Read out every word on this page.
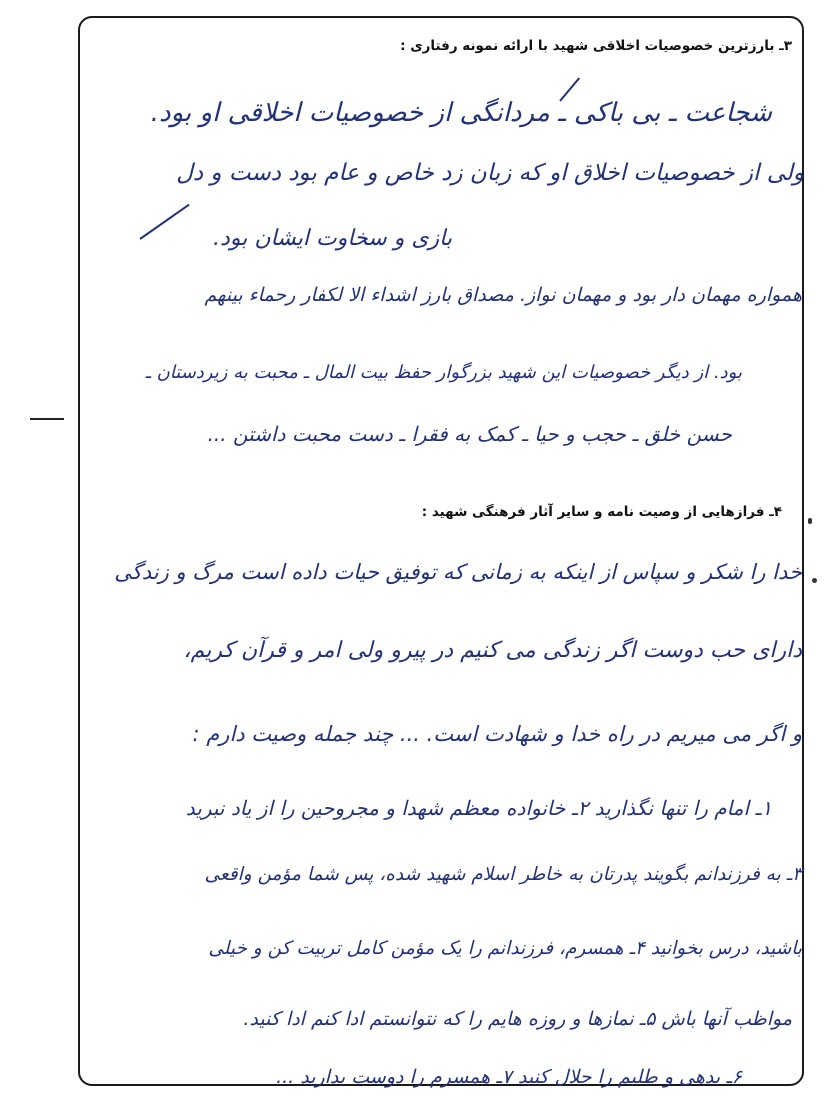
۳ـ بارزترین خصوصیات اخلاقی شهید با ارائه نمونه رفتاری :
شجاعت ـ بی باکی ـ مردانگی از خصوصیات اخلاقی او بود.
ولی از خصوصیات اخلاق او که زبان زد خاص و عام بود دست و دل
بازی و سخاوت ایشان بود.
همواره مهمان دار بود و مهمان نواز. مصداق بارز اشداء الا لکفار رحماء بینهم
بود. از دیگر خصوصیات این شهید بزرگوار حفظ بیت المال ـ محبت به زیردستان ـ
حسن خلق ـ حجب و حیا ـ کمک به فقرا ـ دست محبت داشتن ...
۴ـ فرازهایی از وصیت نامه و سایر آثار فرهنگی شهید :
خدا را شکر و سپاس از اینکه به زمانی که توفیق حیات داده است مرگ و زندگی
دارای حب دوست اگر زندگی می کنیم در پیرو ولی امر و قرآن کریم،
و اگر می میریم در راه خدا و شهادت است. ... چند جمله وصیت دارم :
۱ـ امام را تنها نگذارید ۲ـ خانواده معظم شهدا و مجروحین را از یاد نبرید
۳ـ به فرزندانم بگویند پدرتان به خاطر اسلام شهید شده، پس شما مؤمن واقعی
باشید، درس بخوانید ۴ـ همسرم، فرزندانم را یک مؤمن کامل تربیت کن و خیلی
مواظب آنها باش ۵ـ نمازها و روزه هایم را که نتوانستم ادا کنم ادا کنید.
۶ـ بدهی و طلبم را حلال کنید ۷ـ همسرم را دوست بدارید ...
